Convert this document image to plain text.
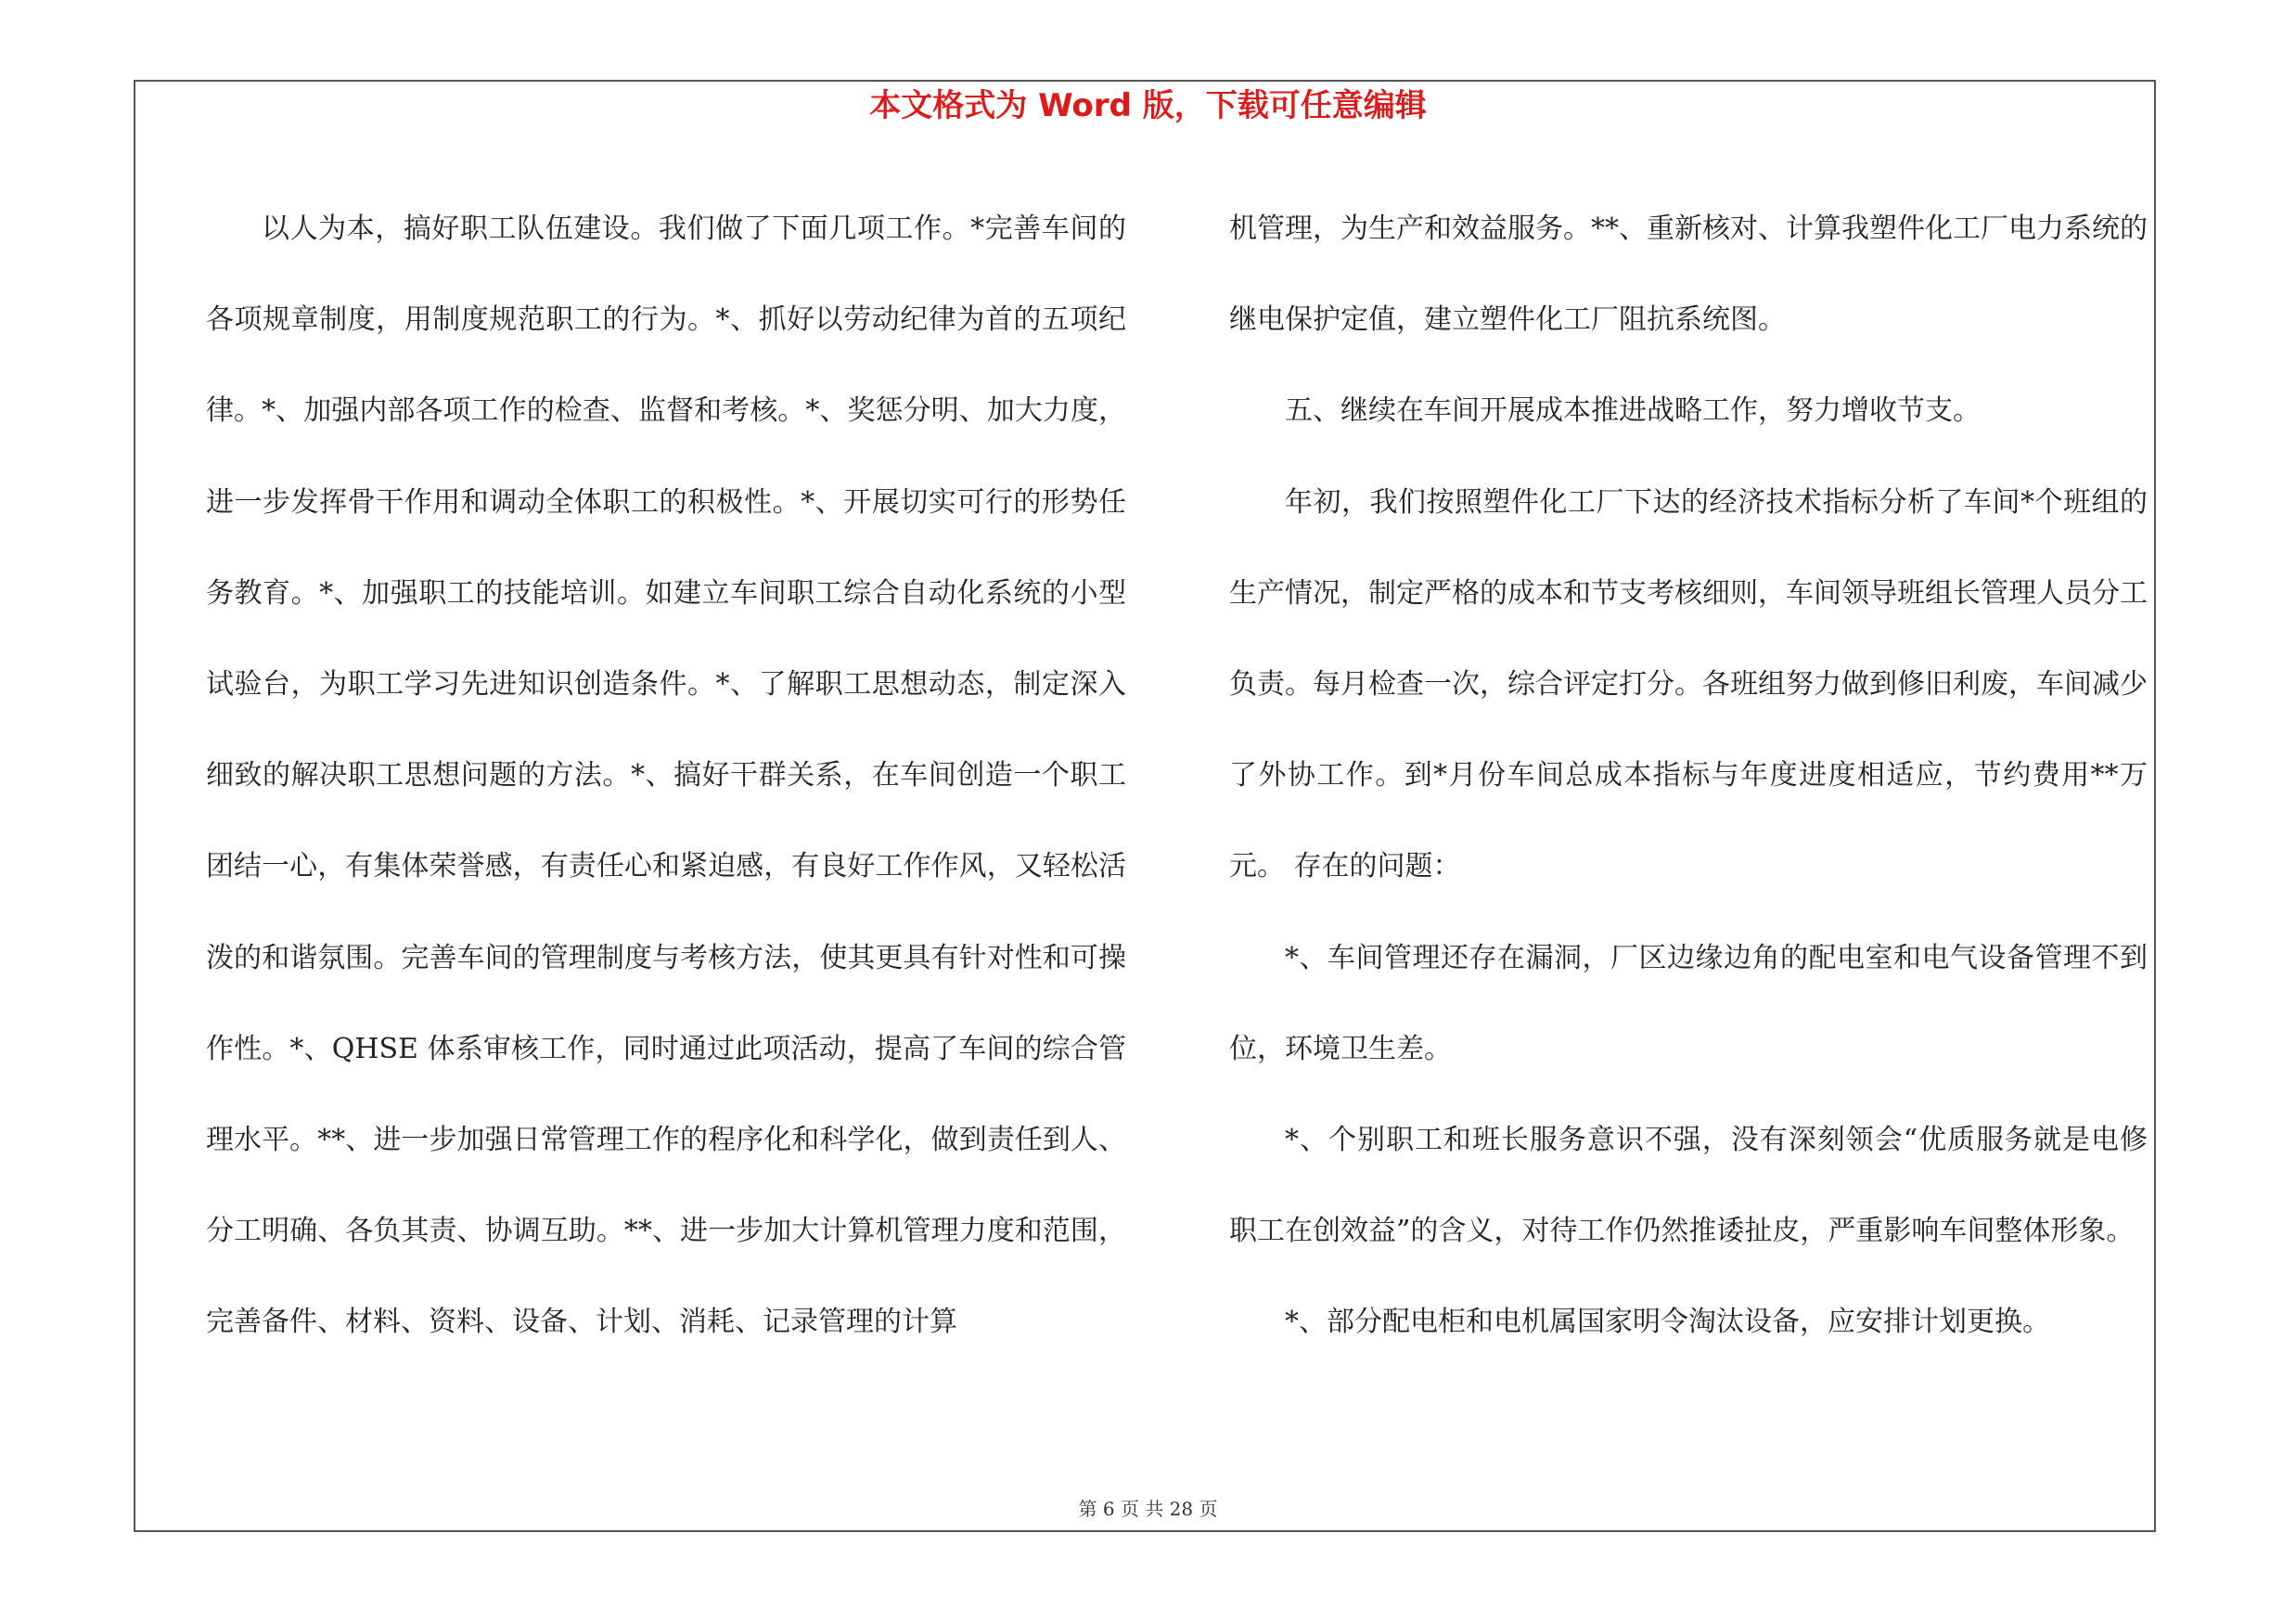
本文格式为 Word 版，下载可任意编辑

以人为本，搞好职工队伍建设。我们做了下面几项工作。*完善车间的各项规章制度，用制度规范职工的行为。*、抓好以劳动纪律为首的五项纪律。*、加强内部各项工作的检查、监督和考核。*、奖惩分明、加大力度，进一步发挥骨干作用和调动全体职工的积极性。*、开展切实可行的形势任务教育。*、加强职工的技能培训。如建立车间职工综合自动化系统的小型试验台，为职工学习先进知识创造条件。*、了解职工思想动态，制定深入细致的解决职工思想问题的方法。*、搞好干群关系，在车间创造一个职工团结一心，有集体荣誉感，有责任心和紧迫感，有良好工作作风，又轻松活泼的和谐氛围。完善车间的管理制度与考核方法，使其更具有针对性和可操作性。*、QHSE 体系审核工作，同时通过此项活动，提高了车间的综合管理水平。**、进一步加强日常管理工作的程序化和科学化，做到责任到人、分工明确、各负其责、协调互助。**、进一步加大计算机管理力度和范围，完善备件、材料、资料、设备、计划、消耗、记录管理的计算

机管理，为生产和效益服务。**、重新核对、计算我塑件化工厂电力系统的继电保护定值，建立塑件化工厂阻抗系统图。

五、继续在车间开展成本推进战略工作，努力增收节支。

年初，我们按照塑件化工厂下达的经济技术指标分析了车间*个班组的生产情况，制定严格的成本和节支考核细则，车间领导班组长管理人员分工负责。每月检查一次，综合评定打分。各班组努力做到修旧利废，车间减少了外协工作。到*月份车间总成本指标与年度进度相适应，节约费用**万元。 存在的问题：

*、车间管理还存在漏洞，厂区边缘边角的配电室和电气设备管理不到位，环境卫生差。

*、个别职工和班长服务意识不强，没有深刻领会“优质服务就是电修职工在创效益”的含义，对待工作仍然推诿扯皮，严重影响车间整体形象。

*、部分配电柜和电机属国家明令淘汰设备，应安排计划更换。

第 6 页 共 28 页
